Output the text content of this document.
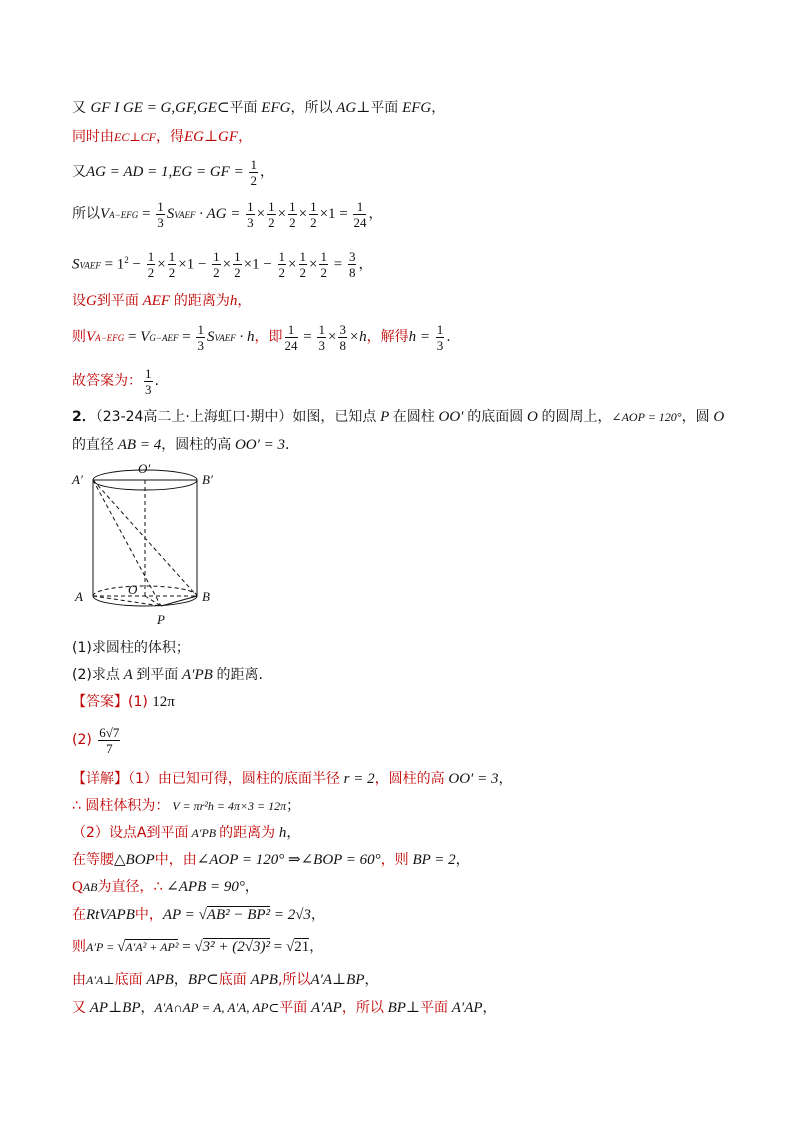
又 GF I GE = G,GF,GE⊂平面 EFG，所以 AG⊥平面 EFG，
同时由EC⊥CF，得EG⊥GF，
又AG = AD = 1,EG = GF = $\frac{1}{2}$ ，
所以$VA-EFG = \frac{1}{3}$ SVAEF · AG = $\frac{1}{3} \times \frac{1}{2} \times \frac{1}{2} \times \frac{1}{2} \times 1 = \frac{1}{24}$ ，
SVAEF = $1^2 - \frac{1}{2} \times \frac{1}{2} \times 1 - \frac{1}{2} \times \frac{1}{2} \times 1 - \frac{1}{2} \times \frac{1}{2} \times \frac{1}{2} = \frac{3}{8}$ ，
设G到平面 AEF 的距离为h，
则$VA-EFG = VG-AEF = \frac{1}{3}$ SVAEF · h，即 $\frac{1}{24} = \frac{1}{3} \times \frac{3}{8} \times h$，解得$h = \frac{1}{3}$ .
故答案为： $\frac{1}{3}$ .
2．（23-24高二上·上海虹口·期中）如图，已知点 P 在圆柱 OO′ 的底面圆 O 的圆周上，∠AOP = 120°，圆 O
的直径 AB = 4，圆柱的高 OO′ = 3.
A′
O′
B′
A	O	B
P
(1)求圆柱的体积；
(2)求点 A 到平面 A′PB 的距离.
【答案】(1) 12π
$(2) \frac{6√7}{7}$
【详解】（1）由已知可得，圆柱的底面半径 r = 2，圆柱的高 OO′ = 3，
∴ 圆柱体积为： V = πr²h = 4π×3 = 12π；
（2）设点A到平面 A′PB 的距离为 h，
在等腰△BOP中，由∠AOP = 120° ⇒∠BOP = 60°，则 BP = 2，
QAB为直径，∴ ∠APB = 90°，
在RtVAPB中，AP = √AB² − BP² = 2√3，
则A′P = √A′A² + AP² = √3² + (2√3)² = √21，
由A′A⊥底面 APB，BP⊂底面 APB,所以A′A⊥BP，
又 AP⊥BP，A′A∩AP = A, A′A, AP⊂平面 A′AP，所以 BP⊥平面 A′AP，
